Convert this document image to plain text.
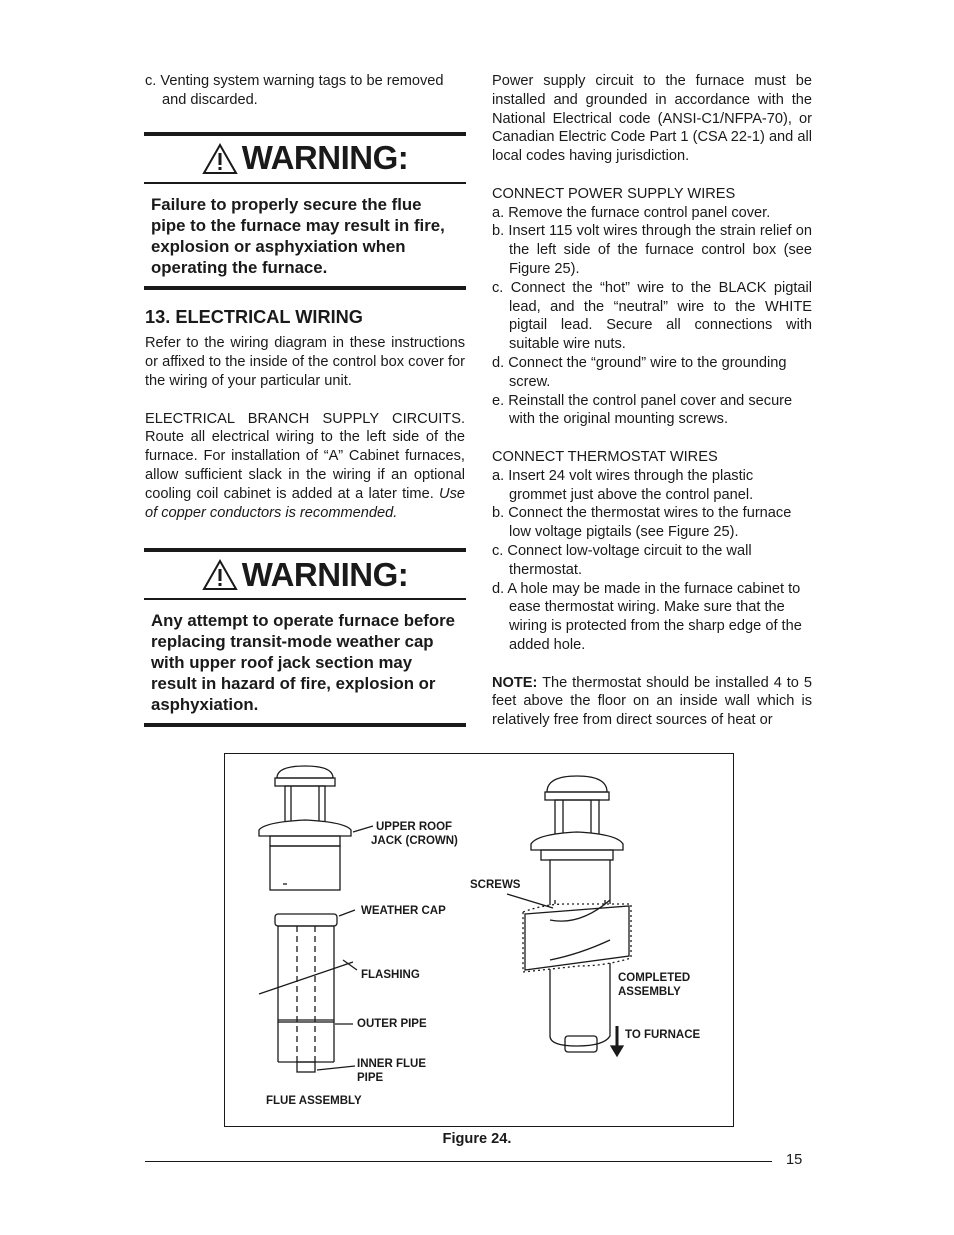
c. Venting system warning tags to be removed and discarded.

WARNING:
Failure to properly secure the flue pipe to the furnace may result in fire, explosion or asphyxiation when operating the furnace.

13. ELECTRICAL WIRING

Refer to the wiring diagram in these instructions or affixed to the inside of the control box cover for the wiring of your particular unit.

ELECTRICAL BRANCH SUPPLY CIRCUITS. Route all electrical wiring to the left side of the furnace. For installation of “A” Cabinet furnaces, allow sufficient slack in the wiring if an optional cooling coil cabinet is added at a later time. Use of copper conductors is recommended.

WARNING:
Any attempt to operate furnace before replacing transit-mode weather cap with upper roof jack section may result in hazard of fire, explosion or asphyxiation.

Power supply circuit to the furnace must be installed and grounded in accordance with the National Electrical code (ANSI-C1/NFPA-70), or Canadian Electric Code Part 1 (CSA 22-1) and all local codes having jurisdiction.

CONNECT POWER SUPPLY WIRES

a. Remove the furnace control panel cover.

b. Insert 115 volt wires through the strain relief on the left side of the furnace control box (see Figure 25).

c. Connect the “hot” wire to the BLACK pigtail lead, and the “neutral” wire to the WHITE pigtail lead. Secure all connections with suitable wire nuts.

d. Connect the “ground” wire to the grounding screw.

e. Reinstall the control panel cover and secure with the original mounting screws.

CONNECT THERMOSTAT WIRES

a. Insert 24 volt wires through the plastic grommet just above the control panel.

b. Connect the thermostat wires to the furnace low voltage pigtails (see Figure 25).

c. Connect low-voltage circuit to the wall thermostat.

d. A hole may be made in the furnace cabinet to ease thermostat wiring. Make sure that the wiring is protected from the sharp edge of the added hole.

NOTE: The thermostat should be installed 4 to 5 feet above the floor on an inside wall which is relatively free from direct sources of heat or

UPPER ROOF
JACK (CROWN)
WEATHER CAP
FLASHING
OUTER PIPE
INNER FLUE
PIPE
FLUE ASSEMBLY
SCREWS
COMPLETED
ASSEMBLY
TO FURNACE
Figure 24.
15
